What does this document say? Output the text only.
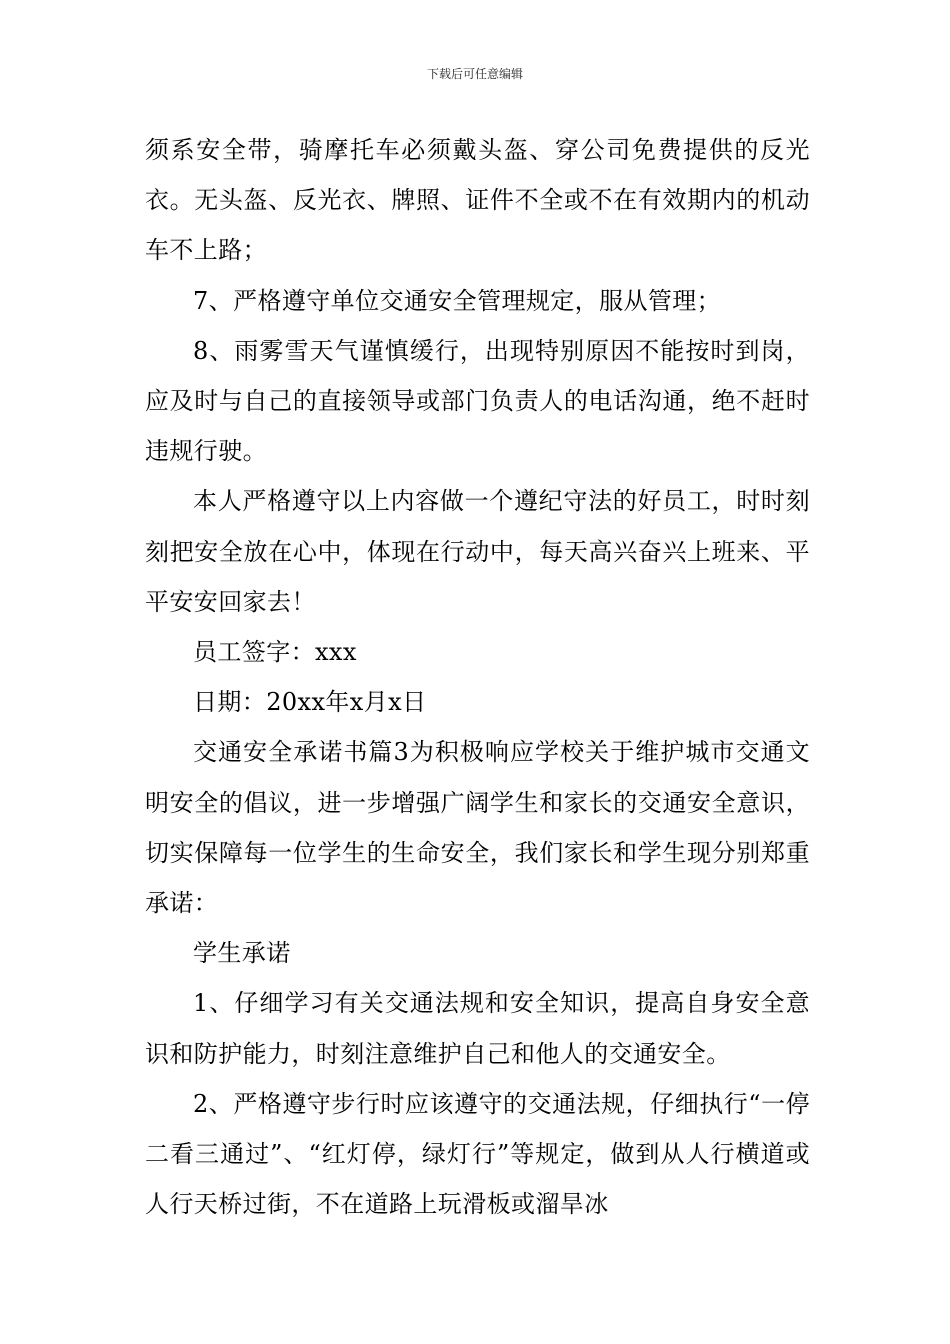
下载后可任意编辑

须系安全带，骑摩托车必须戴头盔、穿公司免费提供的反光衣。无头盔、反光衣、牌照、证件不全或不在有效期内的机动车不上路；

7、严格遵守单位交通安全管理规定，服从管理；

8、雨雾雪天气谨慎缓行，出现特别原因不能按时到岗，应及时与自己的直接领导或部门负责人的电话沟通，绝不赶时违规行驶。

本人严格遵守以上内容做一个遵纪守法的好员工，时时刻刻把安全放在心中，体现在行动中，每天高兴奋兴上班来、平平安安回家去！

员工签字：xxx

日期：20xx年x月x日

交通安全承诺书篇3为积极响应学校关于维护城市交通文明安全的倡议，进一步增强广阔学生和家长的交通安全意识，切实保障每一位学生的生命安全，我们家长和学生现分别郑重承诺：

学生承诺

1、仔细学习有关交通法规和安全知识，提高自身安全意识和防护能力，时刻注意维护自己和他人的交通安全。

2、严格遵守步行时应该遵守的交通法规，仔细执行“一停二看三通过”、“红灯停，绿灯行”等规定，做到从人行横道或人行天桥过街，不在道路上玩滑板或溜旱冰
